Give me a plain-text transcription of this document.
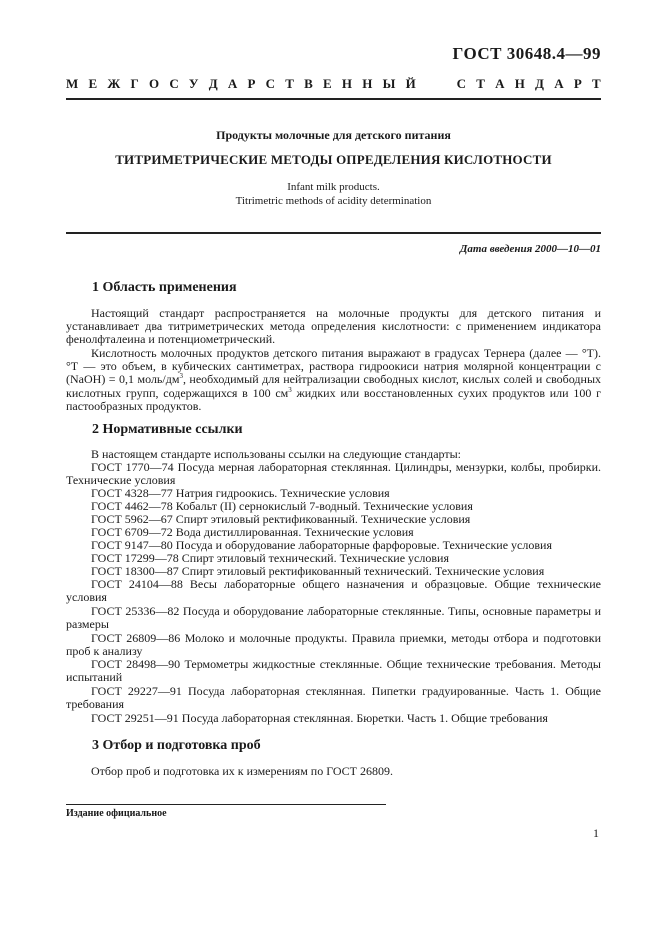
ГОСТ 30648.4—99
М Е Ж Г О С У Д А Р С Т В Е Н Н Ы Й	С Т А Н Д А Р Т
Продукты молочные для детского питания
ТИТРИМЕТРИЧЕСКИЕ МЕТОДЫ ОПРЕДЕЛЕНИЯ КИСЛОТНОСТИ
Infant milk products.
Titrimetric methods of acidity determination
Дата введения 2000—10—01
1 Область применения
Настоящий стандарт распространяется на молочные продукты для детского питания и устанавливает два титриметрических метода определения кислотности: с применением индикатора фенолфталеина и потенциометрический.
Кислотность молочных продуктов детского питания выражают в градусах Тернера (далее — °Т). °Т — это объем, в кубических сантиметрах, раствора гидроокиси натрия молярной концентрации c (NaOH) = 0,1 моль/$дм^3$, необходимый для нейтрализации свободных кислот, кислых солей и свободных кислотных групп, содержащихся в 100 $см^3$ жидких или восстановленных сухих продуктов или 100 г пастообразных продуктов.
2 Нормативные ссылки
В настоящем стандарте использованы ссылки на следующие стандарты:
ГОСТ 1770—74 Посуда мерная лабораторная стеклянная. Цилиндры, мензурки, колбы, пробирки. Технические условия
ГОСТ 4328—77 Натрия гидроокись. Технические условия
ГОСТ 4462—78 Кобальт (II) сернокислый 7-водный. Технические условия
ГОСТ 5962—67 Спирт этиловый ректификованный. Технические условия
ГОСТ 6709—72 Вода дистиллированная. Технические условия
ГОСТ 9147—80 Посуда и оборудование лабораторные фарфоровые. Технические условия
ГОСТ 17299—78 Спирт этиловый технический. Технические условия
ГОСТ 18300—87 Спирт этиловый ректификованный технический. Технические условия
ГОСТ 24104—88 Весы лабораторные общего назначения и образцовые. Общие технические условия
ГОСТ 25336—82 Посуда и оборудование лабораторные стеклянные. Типы, основные параметры и размеры
ГОСТ 26809—86 Молоко и молочные продукты. Правила приемки, методы отбора и подготовки проб к анализу
ГОСТ 28498—90 Термометры жидкостные стеклянные. Общие технические требования. Методы испытаний
ГОСТ 29227—91 Посуда лабораторная стеклянная. Пипетки градуированные. Часть 1. Общие требования
ГОСТ 29251—91 Посуда лабораторная стеклянная. Бюретки. Часть 1. Общие требования
3 Отбор и подготовка проб
Отбор проб и подготовка их к измерениям по ГОСТ 26809.
Издание официальное
1
